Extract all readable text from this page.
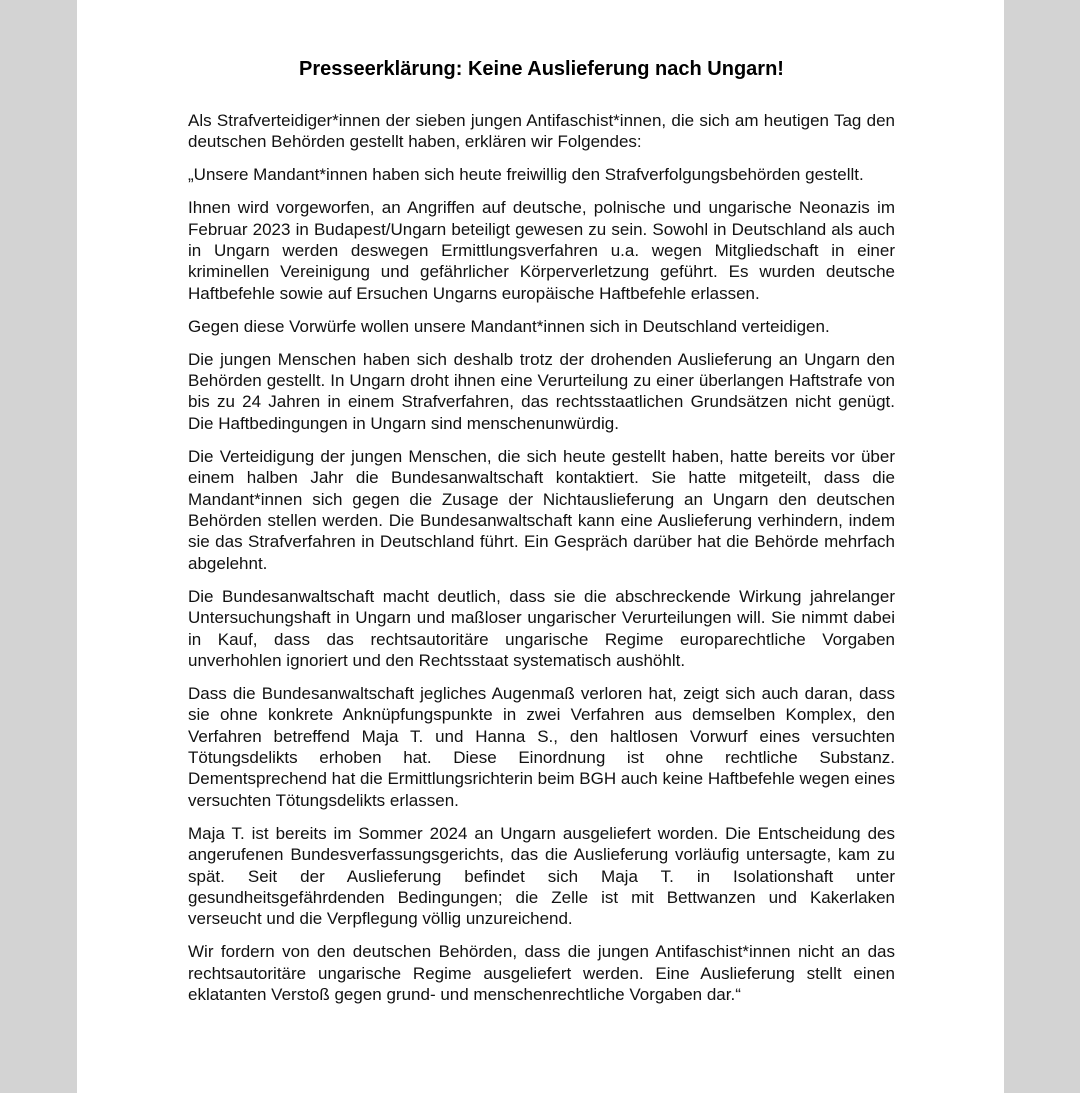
Presseerklärung: Keine Auslieferung nach Ungarn!

Als Strafverteidiger*innen der sieben jungen Antifaschist*innen, die sich am heutigen Tag den deutschen Behörden gestellt haben, erklären wir Folgendes:

„Unsere Mandant*innen haben sich heute freiwillig den Strafverfolgungsbehörden gestellt.

Ihnen wird vorgeworfen, an Angriffen auf deutsche, polnische und ungarische Neonazis im Februar 2023 in Budapest/Ungarn beteiligt gewesen zu sein. Sowohl in Deutschland als auch in Ungarn werden deswegen Ermittlungsverfahren u.a. wegen Mitgliedschaft in einer kriminellen Vereinigung und gefährlicher Körperverletzung geführt. Es wurden deutsche Haftbefehle sowie auf Ersuchen Ungarns europäische Haftbefehle erlassen.

Gegen diese Vorwürfe wollen unsere Mandant*innen sich in Deutschland verteidigen.

Die jungen Menschen haben sich deshalb trotz der drohenden Auslieferung an Ungarn den Behörden gestellt. In Ungarn droht ihnen eine Verurteilung zu einer überlangen Haftstrafe von bis zu 24 Jahren in einem Strafverfahren, das rechtsstaatlichen Grundsätzen nicht genügt. Die Haftbedingungen in Ungarn sind menschenunwürdig.

Die Verteidigung der jungen Menschen, die sich heute gestellt haben, hatte bereits vor über einem halben Jahr die Bundesanwaltschaft kontaktiert. Sie hatte mitgeteilt, dass die Mandant*innen sich gegen die Zusage der Nichtauslieferung an Ungarn den deutschen Behörden stellen werden. Die Bundesanwaltschaft kann eine Auslieferung verhindern, indem sie das Strafverfahren in Deutschland führt. Ein Gespräch darüber hat die Behörde mehrfach abgelehnt.

Die Bundesanwaltschaft macht deutlich, dass sie die abschreckende Wirkung jahrelanger Untersuchungshaft in Ungarn und maßloser ungarischer Verurteilungen will. Sie nimmt dabei in Kauf, dass das rechtsautoritäre ungarische Regime europarechtliche Vorgaben unverhohlen ignoriert und den Rechtsstaat systematisch aushöhlt.

Dass die Bundesanwaltschaft jegliches Augenmaß verloren hat, zeigt sich auch daran, dass sie ohne konkrete Anknüpfungspunkte in zwei Verfahren aus demselben Komplex, den Verfahren betreffend Maja T. und Hanna S., den haltlosen Vorwurf eines versuchten Tötungsdelikts erhoben hat. Diese Einordnung ist ohne rechtliche Substanz. Dementsprechend hat die Ermittlungsrichterin beim BGH auch keine Haftbefehle wegen eines versuchten Tötungsdelikts erlassen.

Maja T. ist bereits im Sommer 2024 an Ungarn ausgeliefert worden. Die Entscheidung des angerufenen Bundesverfassungsgerichts, das die Auslieferung vorläufig untersagte, kam zu spät. Seit der Auslieferung befindet sich Maja T. in Isolationshaft unter gesundheitsgefährdenden Bedingungen; die Zelle ist mit Bettwanzen und Kakerlaken verseucht und die Verpflegung völlig unzureichend.

Wir fordern von den deutschen Behörden, dass die jungen Antifaschist*innen nicht an das rechtsautoritäre ungarische Regime ausgeliefert werden. Eine Auslieferung stellt einen eklatanten Verstoß gegen grund- und menschenrechtliche Vorgaben dar.“
